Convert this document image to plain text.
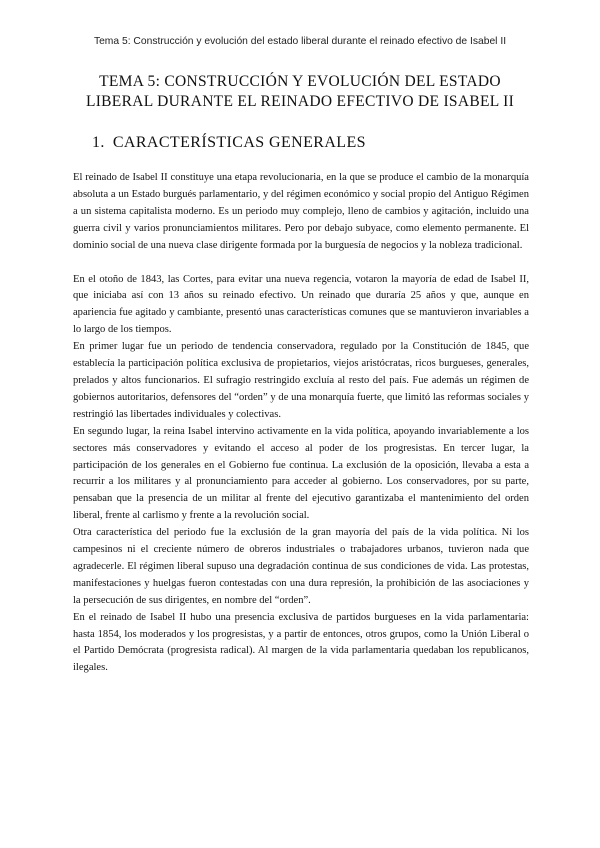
Tema 5: Construcción y evolución del estado liberal durante el reinado efectivo de Isabel II
TEMA 5: CONSTRUCCIÓN Y EVOLUCIÓN DEL ESTADO
LIBERAL DURANTE EL REINADO EFECTIVO DE ISABEL II
1. CARACTERÍSTICAS GENERALES

El reinado de Isabel II constituye una etapa revolucionaria, en la que se produce el cambio de la monarquía absoluta a un Estado burgués parlamentario, y del régimen económico y social propio del Antiguo Régimen a un sistema capitalista moderno. Es un periodo muy complejo, lleno de cambios y agitación, incluido una guerra civil y varios pronunciamientos militares. Pero por debajo subyace, como elemento permanente. El dominio social de una nueva clase dirigente formada por la burguesía de negocios y la nobleza tradicional.

En el otoño de 1843, las Cortes, para evitar una nueva regencia, votaron la mayoría de edad de Isabel II, que iniciaba así con 13 años su reinado efectivo. Un reinado que duraría 25 años y que, aunque en apariencia fue agitado y cambiante, presentó unas características comunes que se mantuvieron invariables a lo largo de los tiempos.

En primer lugar fue un periodo de tendencia conservadora, regulado por la Constitución de 1845, que establecía la participación política exclusiva de propietarios, viejos aristócratas, ricos burgueses, generales, prelados y altos funcionarios. El sufragio restringido excluía al resto del país. Fue además un régimen de gobiernos autoritarios, defensores del “orden” y de una monarquía fuerte, que limitó las reformas sociales y restringió las libertades individuales y colectivas.

En segundo lugar, la reina Isabel intervino activamente en la vida política, apoyando invariablemente a los sectores más conservadores y evitando el acceso al poder de los progresistas. En tercer lugar, la participación de los generales en el Gobierno fue continua. La exclusión de la oposición, llevaba a esta a recurrir a los militares y al pronunciamiento para acceder al gobierno. Los conservadores, por su parte, pensaban que la presencia de un militar al frente del ejecutivo garantizaba el mantenimiento del orden liberal, frente al carlismo y frente a la revolución social.

Otra característica del periodo fue la exclusión de la gran mayoría del país de la vida política. Ni los campesinos ni el creciente número de obreros industriales o trabajadores urbanos, tuvieron nada que agradecerle. El régimen liberal supuso una degradación continua de sus condiciones de vida. Las protestas, manifestaciones y huelgas fueron contestadas con una dura represión, la prohibición de las asociaciones y la persecución de sus dirigentes, en nombre del “orden”.

En el reinado de Isabel II hubo una presencia exclusiva de partidos burgueses en la vida parlamentaria: hasta 1854, los moderados y los progresistas, y a partir de entonces, otros grupos, como la Unión Liberal o el Partido Demócrata (progresista radical). Al margen de la vida parlamentaria quedaban los republicanos, ilegales.
